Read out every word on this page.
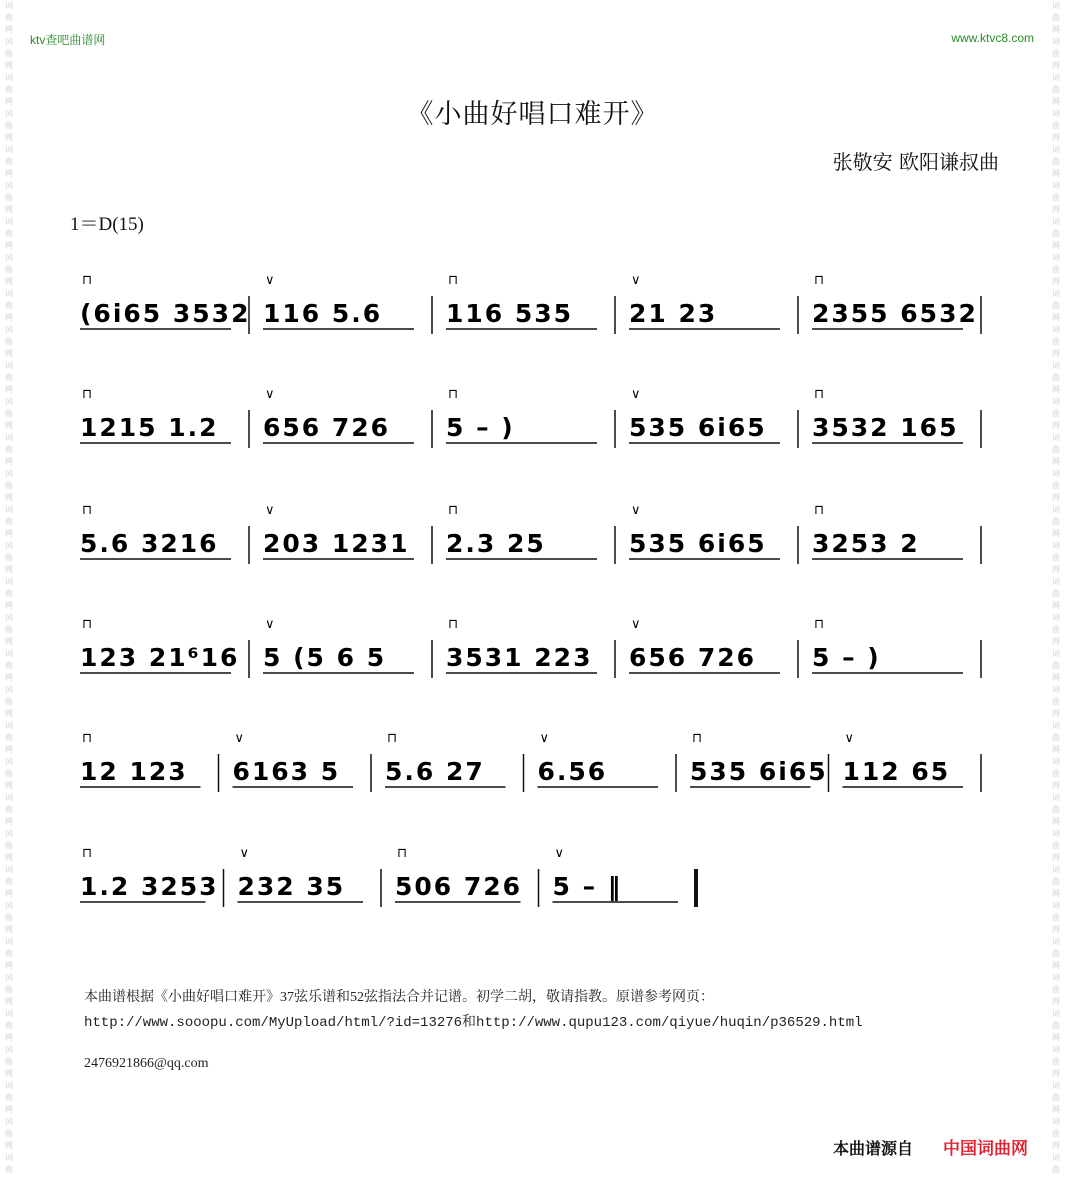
词
曲
网
词
曲
网
词
曲
网
词
曲
网
词
曲
网
词
曲
网
词
曲
网
词
曲
网
词
曲
网
词
曲
网
词
曲
网
词
曲
网
词
曲
网
词
曲
网
词
曲
网
词
曲
网
词
曲
网
词
曲
网
词
曲
网
词
曲
网
词
曲
网
词
曲
网
词
曲
网
词
曲
网
词
曲
网
词
曲
网
词
曲
网
词
曲
网
词
曲
网
词
曲
网
词
曲
网
词
曲
网
词
曲
词
曲
网
词
曲
网
词
曲
网
词
曲
网
词
曲
网
词
曲
网
词
曲
网
词
曲
网
词
曲
网
词
曲
网
词
曲
网
词
曲
网
词
曲
网
词
曲
网
词
曲
网
词
曲
网
词
曲
网
词
曲
网
词
曲
网
词
曲
网
词
曲
网
词
曲
网
词
曲
网
词
曲
网
词
曲
网
词
曲
网
词
曲
网
词
曲
网
词
曲
网
词
曲
网
词
曲
网
词
曲
网
词
曲
ktv查吧曲谱网	www.ktvc8.com
《小曲好唱口难开》
张敬安 欧阳谦叔曲
1＝D(15)
(6i65 3532
⊓
116 5.6
∨
116 535
⊓
21 23
∨
2355 6532
⊓
1215 1.2
⊓
656 726
∨
5 – )
⊓
535 6i65
∨
3532 165
⊓
5.6 3216
⊓
203 1231
∨
2.3 25
⊓
535 6i65
∨
3253 2
⊓
123 21⁶16
⊓
5 (5 6 5
∨
3531 223
⊓
656 726
∨
5 – )
⊓
12 123
⊓
6163 5
∨
5.6 27
⊓
6.56
∨
535 6i65
⊓
112 65
∨
1.2 3253
⊓
232 35
∨
506 726
⊓
5 – ‖
∨
本曲谱根据《小曲好唱口难开》37弦乐谱和52弦指法合并记谱。初学二胡，敬请指教。原谱参考网页：
http://www.sooopu.com/MyUpload/html/?id=13276和http://www.qupu123.com/qiyue/huqin/p36529.html
2476921866@qq.com
本曲谱源自 中国词曲网
